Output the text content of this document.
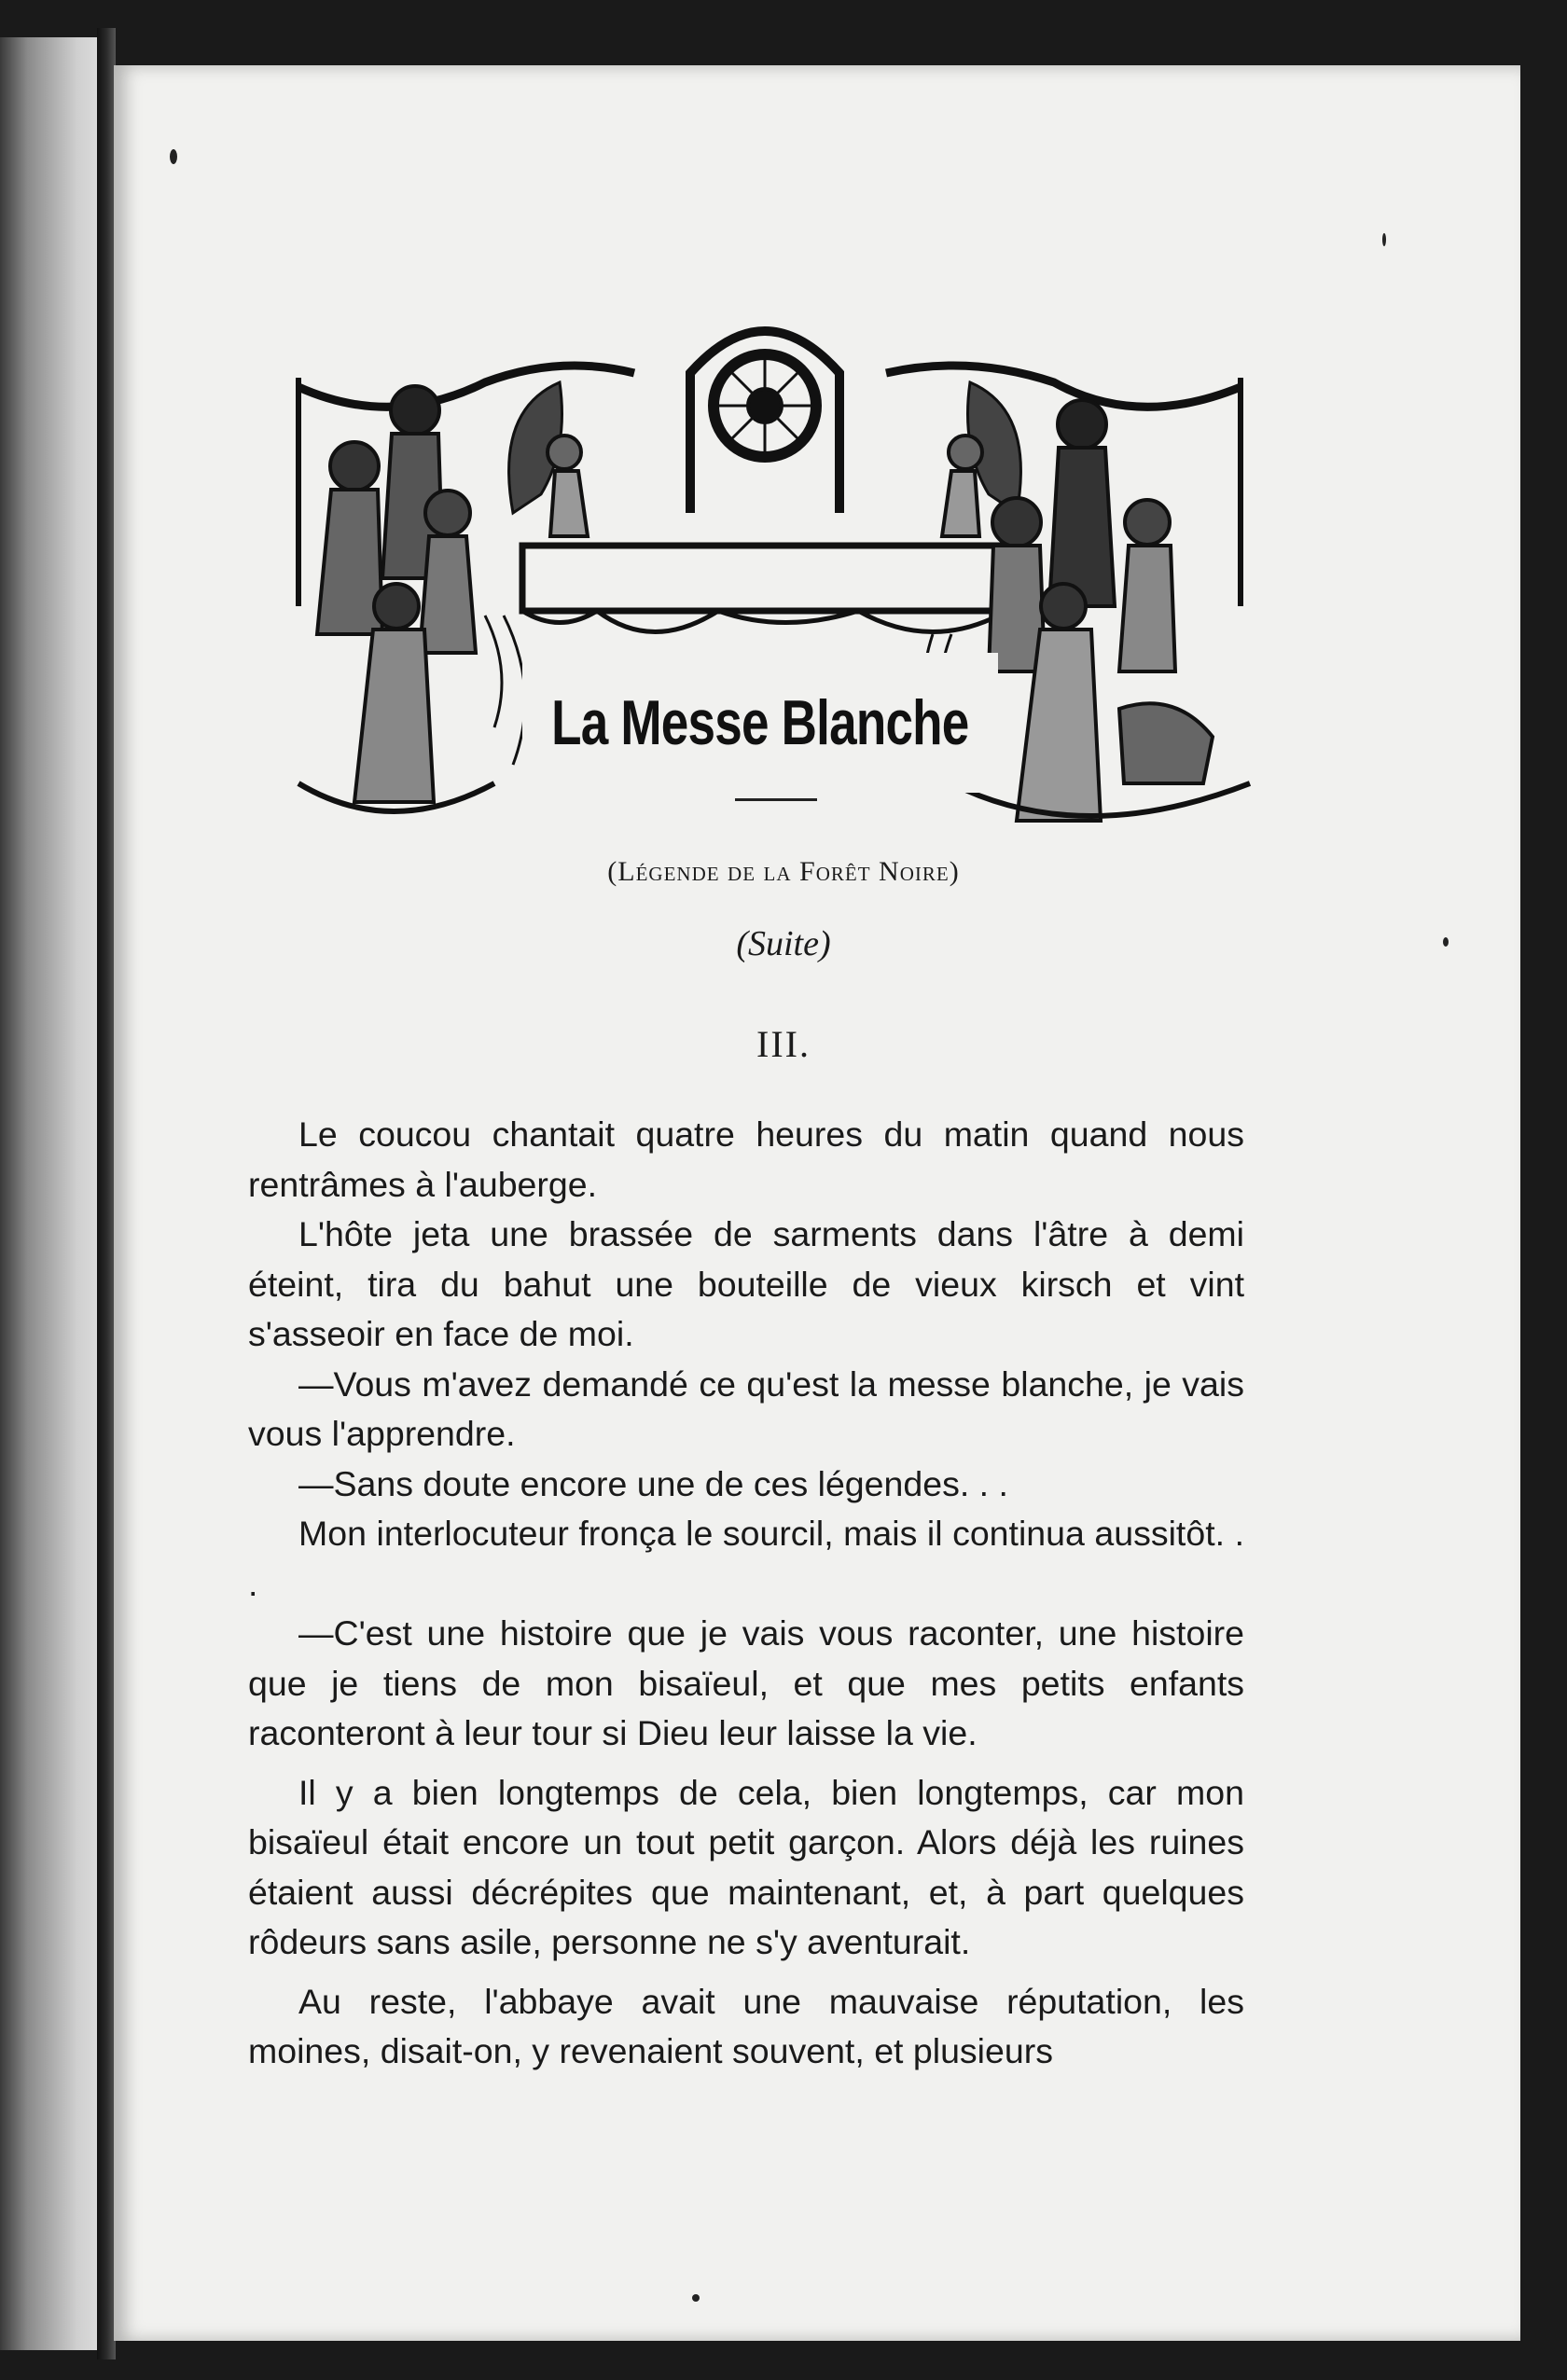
La Messe Blanche
(Légende de la Forêt Noire)
(Suite)
III.

Le coucou chantait quatre heures du matin quand nous rentrâmes à l'auberge.

L'hôte jeta une brassée de sarments dans l'âtre à demi éteint, tira du bahut une bouteille de vieux kirsch et vint s'asseoir en face de moi.

—Vous m'avez demandé ce qu'est la messe blanche, je vais vous l'apprendre.

—Sans doute encore une de ces légendes. . .

Mon interlocuteur fronça le sourcil, mais il continua aussitôt. . .

—C'est une histoire que je vais vous raconter, une histoire que je tiens de mon bisaïeul, et que mes petits enfants raconteront à leur tour si Dieu leur laisse la vie.

Il y a bien longtemps de cela, bien longtemps, car mon bisaïeul était encore un tout petit garçon. Alors déjà les ruines étaient aussi décrépites que maintenant, et, à part quelques rôdeurs sans asile, personne ne s'y aventurait.

Au reste, l'abbaye avait une mauvaise réputation, les moines, disait-on, y revenaient souvent, et plusieurs
